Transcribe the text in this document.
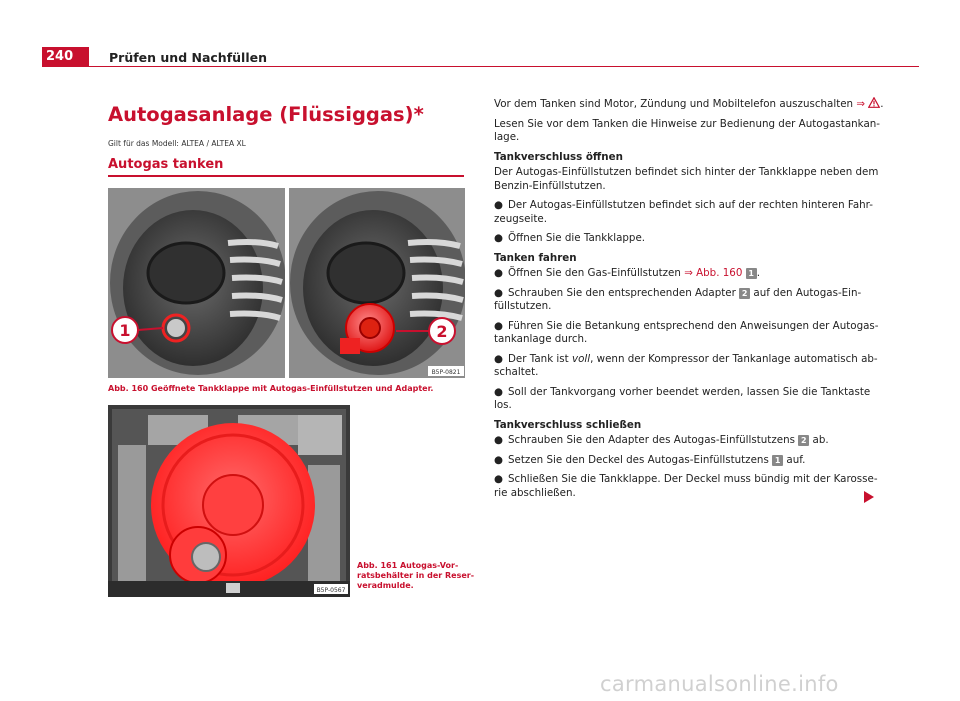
240	Prüfen und Nachfüllen
Autogasanlage (Flüssiggas)*
Gilt für das Modell: ALTEA / ALTEA XL
Autogas tanken
1	2
B5P-0821
Abb. 160 Geöffnete Tankklappe mit Autogas-Einfüllstutzen und Adapter.
B5P-0567
Abb. 161 Autogas-Vor-
ratsbehälter in der Reser-
veradmulde.

Vor dem Tanken sind Motor, Zündung und Mobiltelefon auszuschalten ⇒ .

Lesen Sie vor dem Tanken die Hinweise zur Bedienung der Autogastankan-
lage.

Tankverschluss öffnen

Der Autogas-Einfüllstutzen befindet sich hinter der Tankklappe neben dem
Benzin-Einfüllstutzen.

● Der Autogas-Einfüllstutzen befindet sich auf der rechten hinteren Fahr-
zeugseite.

● Öffnen Sie die Tankklappe.

Tanken fahren

● Öffnen Sie den Gas-Einfüllstutzen ⇒ Abb. 160 1 .

● Schrauben Sie den entsprechenden Adapter 2 auf den Autogas-Ein-
füllstutzen.

● Führen Sie die Betankung entsprechend den Anweisungen der Autogas-
tankanlage durch.

● Der Tank ist voll, wenn der Kompressor der Tankanlage automatisch ab-
schaltet.

● Soll der Tankvorgang vorher beendet werden, lassen Sie die Tanktaste
los.

Tankverschluss schließen

● Schrauben Sie den Adapter des Autogas-Einfüllstutzens 2 ab.

● Setzen Sie den Deckel des Autogas-Einfüllstutzens 1 auf.

● Schließen Sie die Tankklappe. Der Deckel muss bündig mit der Karosse-
rie abschließen.

carmanualsonline.info
